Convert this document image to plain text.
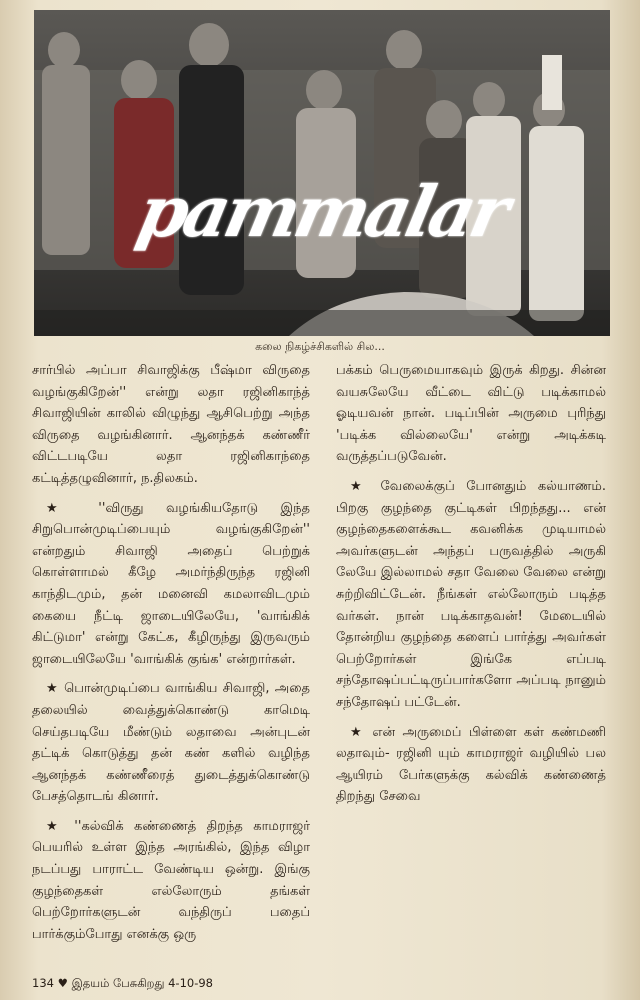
pammalar
கலை நிகழ்ச்சிகளில் சில...

சார்பில் அப்பா சிவாஜிக்கு பீஷ்மா விருதை வழங்குகிறேன்'' என்று லதா ரஜினிகாந்த் சிவாஜியின் காலில் விழுந்து ஆசிபெற்று அந்த விருதை வழங்கினார். ஆனந்தக் கண்ணீர் விட்டபடியே லதா ரஜினிகாந்தை கட்டித்தழுவினார், ந.திலகம்.

★ ''விருது வழங்கியதோடு இந்த சிறுபொன்முடிப்பையும் வழங்குகிறேன்'' என்றதும் சிவாஜி அதைப் பெற்றுக் கொள்ளாமல் கீழே அமர்ந்திருந்த ரஜினி காந்திடமும், தன் மனைவி கமலாவிடமும் கையை நீட்டி ஜாடையிலேயே, 'வாங்கிக் கிட்டுமா' என்று கேட்க, கீழிருந்து இருவரும் ஜாடையிலேயே 'வாங்கிக் குங்க' என்றார்கள்.

★ பொன்முடிப்பை வாங்கிய சிவாஜி, அதை தலையில் வைத்துக்கொண்டு காமெடி செய்தபடியே மீண்டும் லதாவை அன்புடன் தட்டிக் கொடுத்து தன் கண் களில் வழிந்த ஆனந்தக் கண்ணீரைத் துடைத்துக்கொண்டு பேசத்தொடங் கினார்.

★ ''கல்விக் கண்ணைத் திறந்த காமராஜர் பெயரில் உள்ள இந்த அரங்கில், இந்த விழா நடப்பது பாராட்ட வேண்டிய ஒன்று. இங்கு குழந்தைகள் எல்லோரும் தங்கள் பெற்றோர்களுடன் வந்திருப் பதைப் பார்க்கும்போது எனக்கு ஒரு

பக்கம் பெருமையாகவும் இருக் கிறது. சின்ன வயசுலேயே வீட்டை விட்டு படிக்காமல் ஓடியவன் நான். படிப்பின் அருமை புரிந்து 'படிக்க வில்லையே' என்று அடிக்கடி வருத்தப்படுவேன்.

★ வேலைக்குப் போனதும் கல்யாணம். பிறகு குழந்தை குட்டிகள் பிறந்தது... என் குழந்தைகளைக்கூட கவனிக்க முடியாமல் அவர்களுடன் அந்தப் பருவத்தில் அருகி லேயே இல்லாமல் சதா வேலை வேலை என்று சுற்றிவிட்டேன். நீங்கள் எல்லோரும் படித்த வர்கள். நான் படிக்காதவன்! மேடையில் தோன்றிய குழந்தை களைப் பார்த்து அவர்கள் பெற்றோர்கள் இங்கே எப்படி சந்தோஷப்பட்டிருப்பார்களோ அப்படி நானும் சந்தோஷப் பட்டேன்.

★ என் அருமைப் பிள்ளை கள் கண்மணி லதாவும்- ரஜினி யும் காமராஜர் வழியில் பல ஆயிரம் பேர்களுக்கு கல்விக் கண்ணைத் திறந்து சேவை

134 ♥ இதயம் பேசுகிறது 4-10-98
